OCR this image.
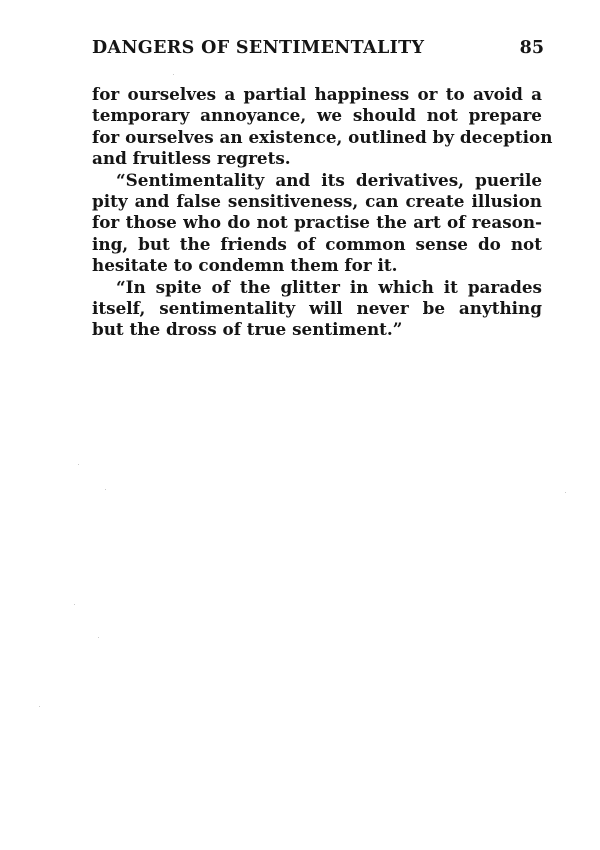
DANGERS OF SENTIMENTALITY	85

for ourselves a partial happiness or to avoid a
temporary annoyance, we should not prepare
for ourselves an existence, outlined by deception
and fruitless regrets.

“Sentimentality and its derivatives, puerile
pity and false sensitiveness, can create illusion
for those who do not practise the art of reason-
ing, but the friends of common sense do not
hesitate to condemn them for it.

“In spite of the glitter in which it parades
itself, sentimentality will never be anything
but the dross of true sentiment.”
